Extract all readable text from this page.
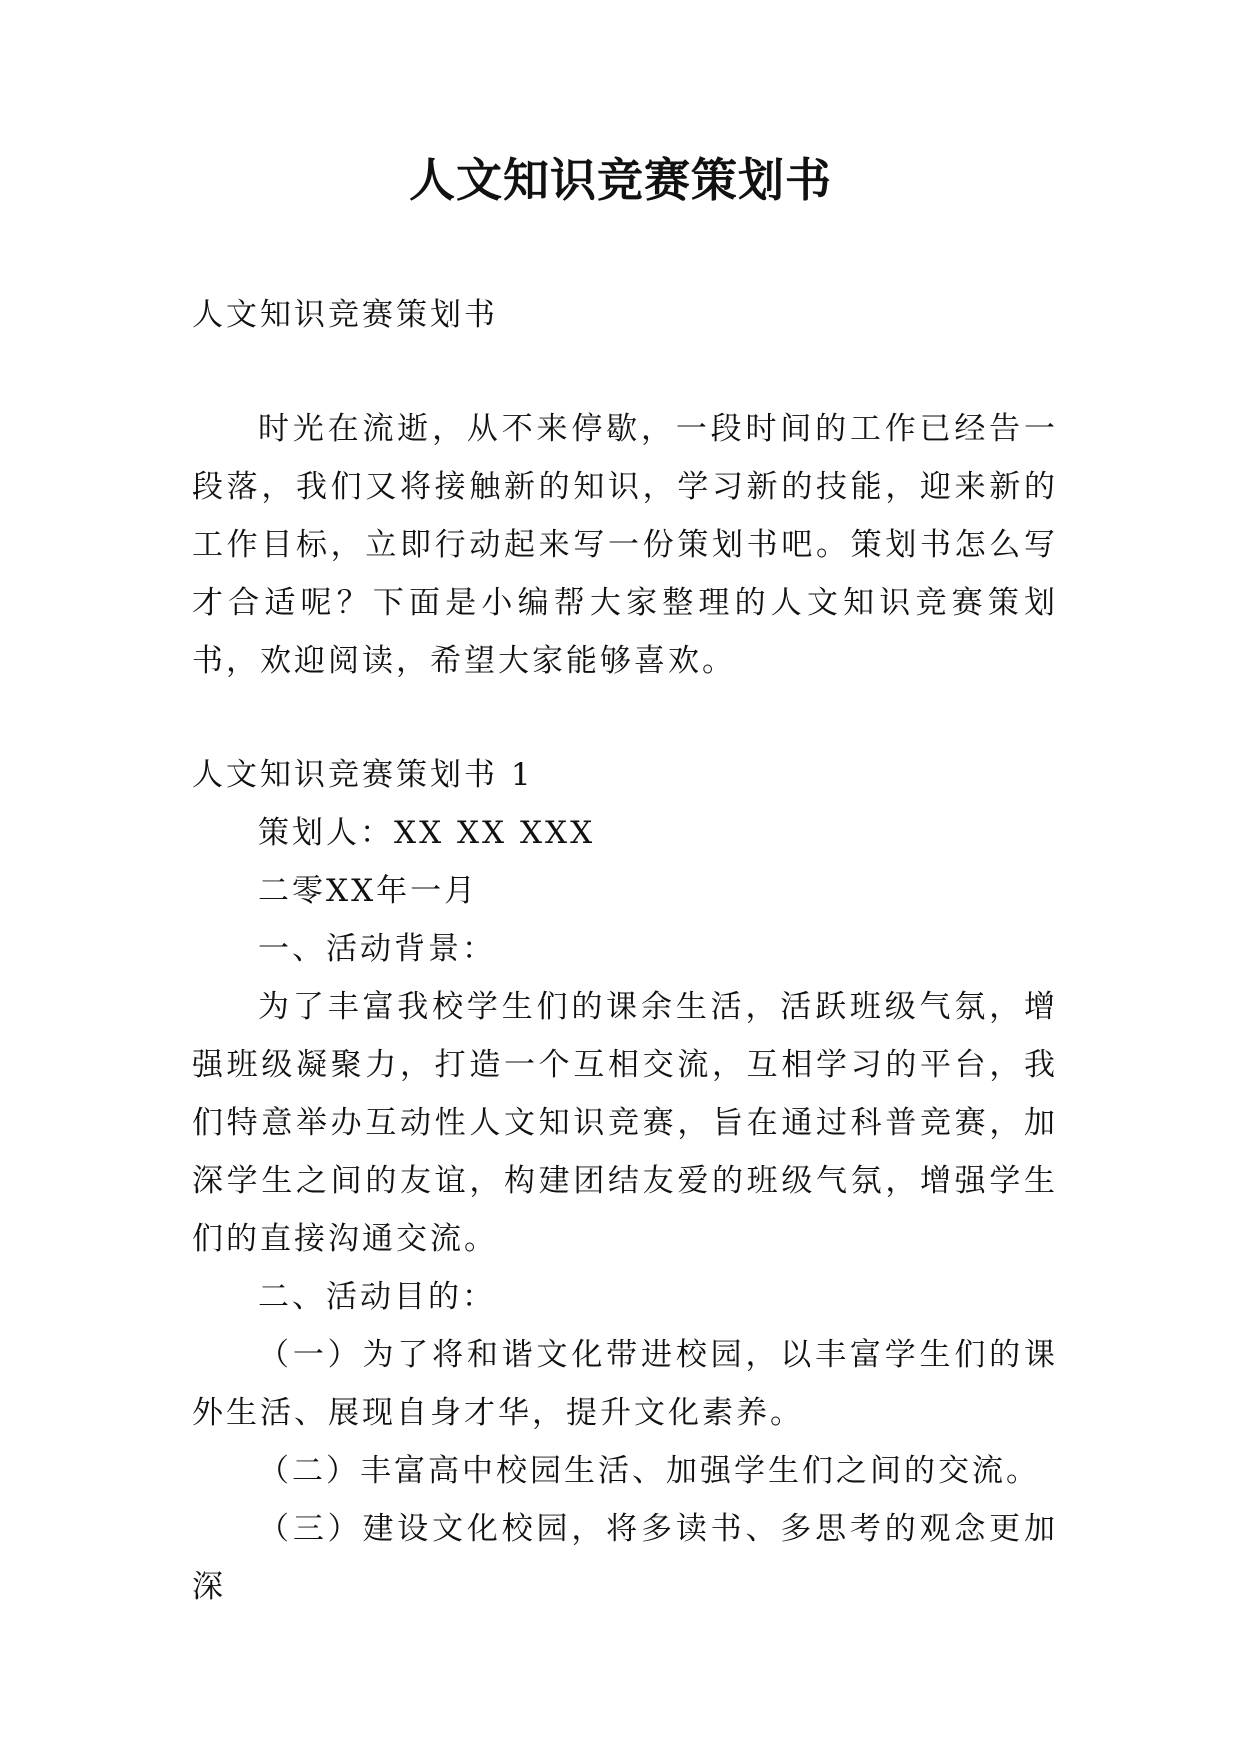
人文知识竞赛策划书

人文知识竞赛策划书

时光在流逝，从不来停歇，一段时间的工作已经告一段落，我们又将接触新的知识，学习新的技能，迎来新的工作目标，立即行动起来写一份策划书吧。策划书怎么写才合适呢？下面是小编帮大家整理的人文知识竞赛策划书，欢迎阅读，希望大家能够喜欢。

人文知识竞赛策划书 1

策划人：XX XX XXX

二零XX年一月

一、活动背景：

为了丰富我校学生们的课余生活，活跃班级气氛，增强班级凝聚力，打造一个互相交流，互相学习的平台，我们特意举办互动性人文知识竞赛，旨在通过科普竞赛，加深学生之间的友谊，构建团结友爱的班级气氛，增强学生们的直接沟通交流。

二、活动目的：

（一）为了将和谐文化带进校园，以丰富学生们的课外生活、展现自身才华，提升文化素养。

（二）丰富高中校园生活、加强学生们之间的交流。

（三）建设文化校园，将多读书、多思考的观念更加深
